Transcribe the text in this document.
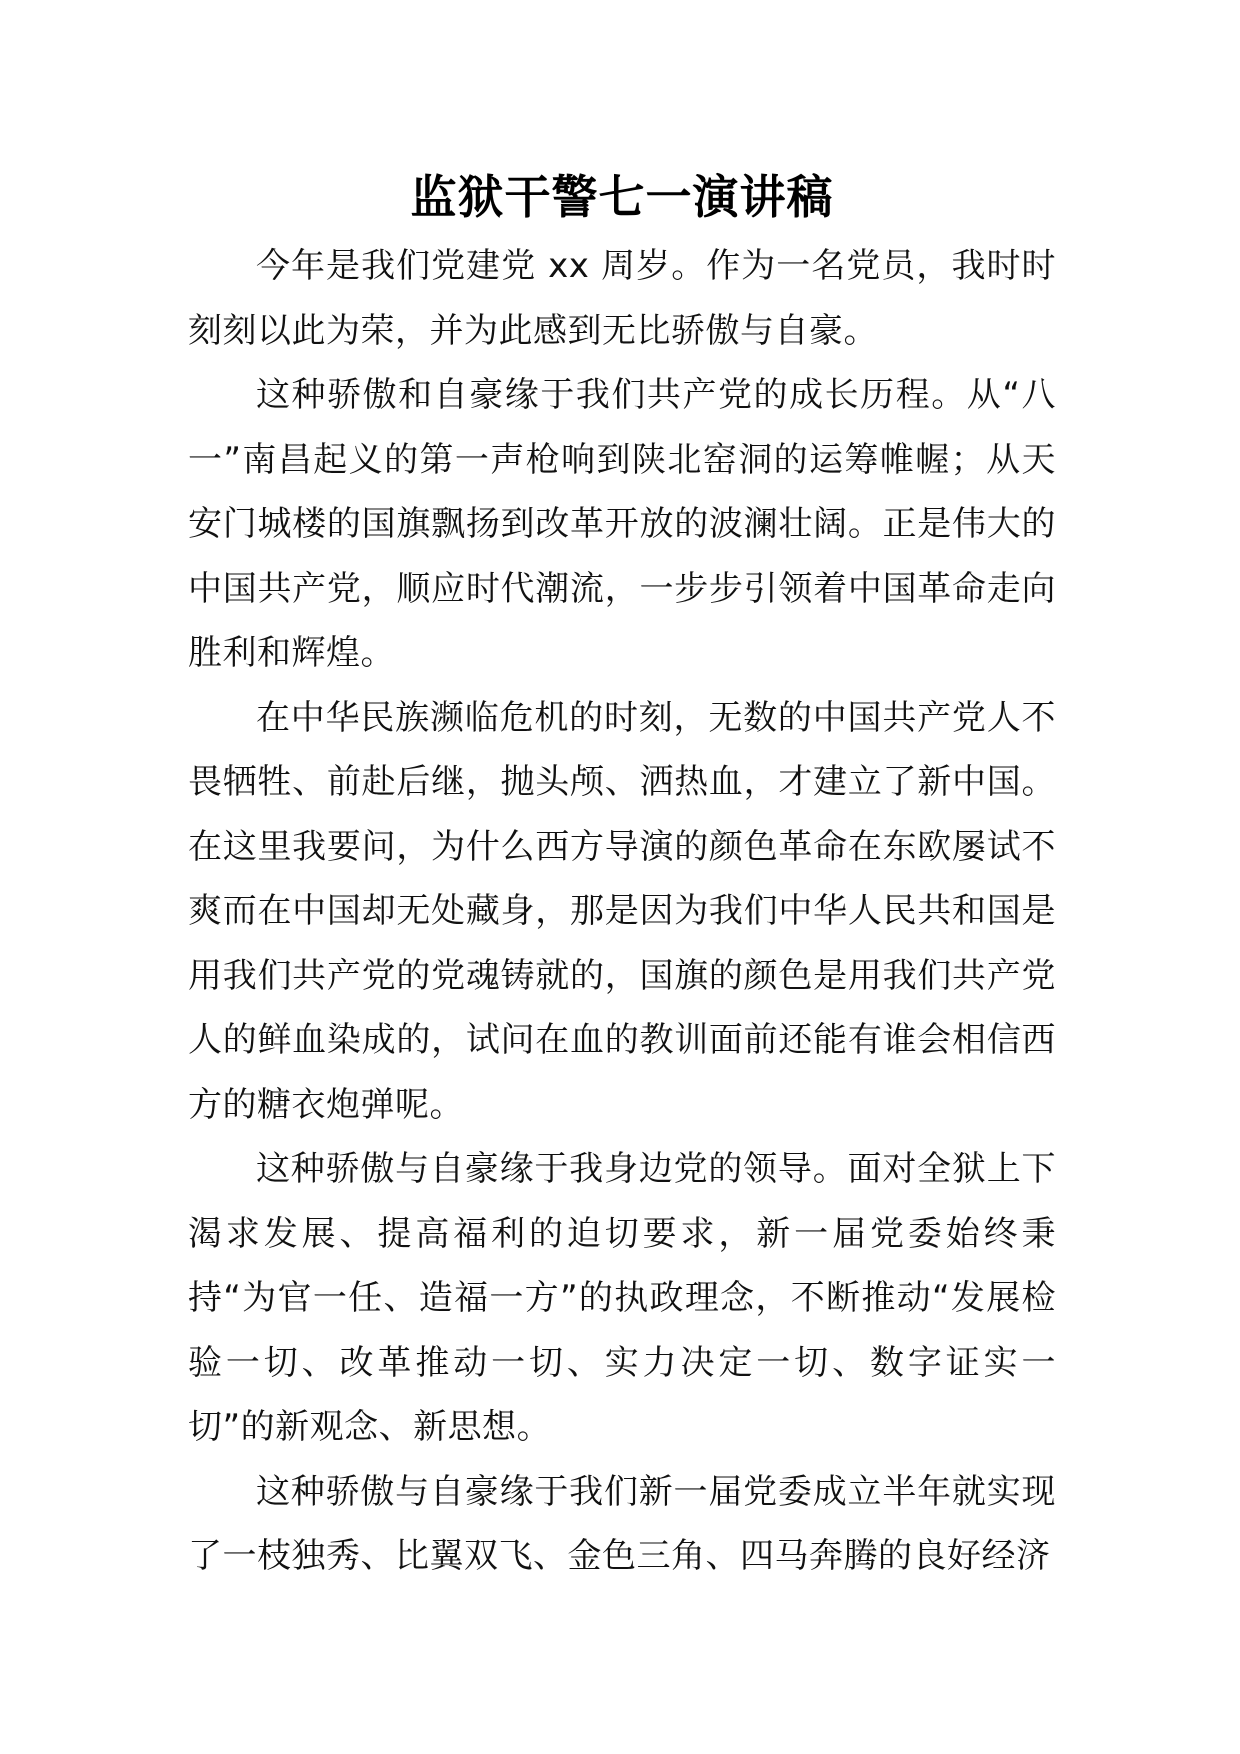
监狱干警七一演讲稿

今年是我们党建党 xx 周岁。作为一名党员，我时时刻刻以此为荣，并为此感到无比骄傲与自豪。

这种骄傲和自豪缘于我们共产党的成长历程。从“八一”南昌起义的第一声枪响到陕北窑洞的运筹帷幄；从天安门城楼的国旗飘扬到改革开放的波澜壮阔。正是伟大的中国共产党，顺应时代潮流，一步步引领着中国革命走向胜利和辉煌。

在中华民族濒临危机的时刻，无数的中国共产党人不畏牺牲、前赴后继，抛头颅、洒热血，才建立了新中国。在这里我要问，为什么西方导演的颜色革命在东欧屡试不爽而在中国却无处藏身，那是因为我们中华人民共和国是用我们共产党的党魂铸就的，国旗的颜色是用我们共产党人的鲜血染成的，试问在血的教训面前还能有谁会相信西方的糖衣炮弹呢。

这种骄傲与自豪缘于我身边党的领导。面对全狱上下渴求发展、提高福利的迫切要求，新一届党委始终秉持“为官一任、造福一方”的执政理念，不断推动“发展检验一切、改革推动一切、实力决定一切、数字证实一切”的新观念、新思想。

这种骄傲与自豪缘于我们新一届党委成立半年就实现了一枝独秀、比翼双飞、金色三角、四马奔腾的良好经济
